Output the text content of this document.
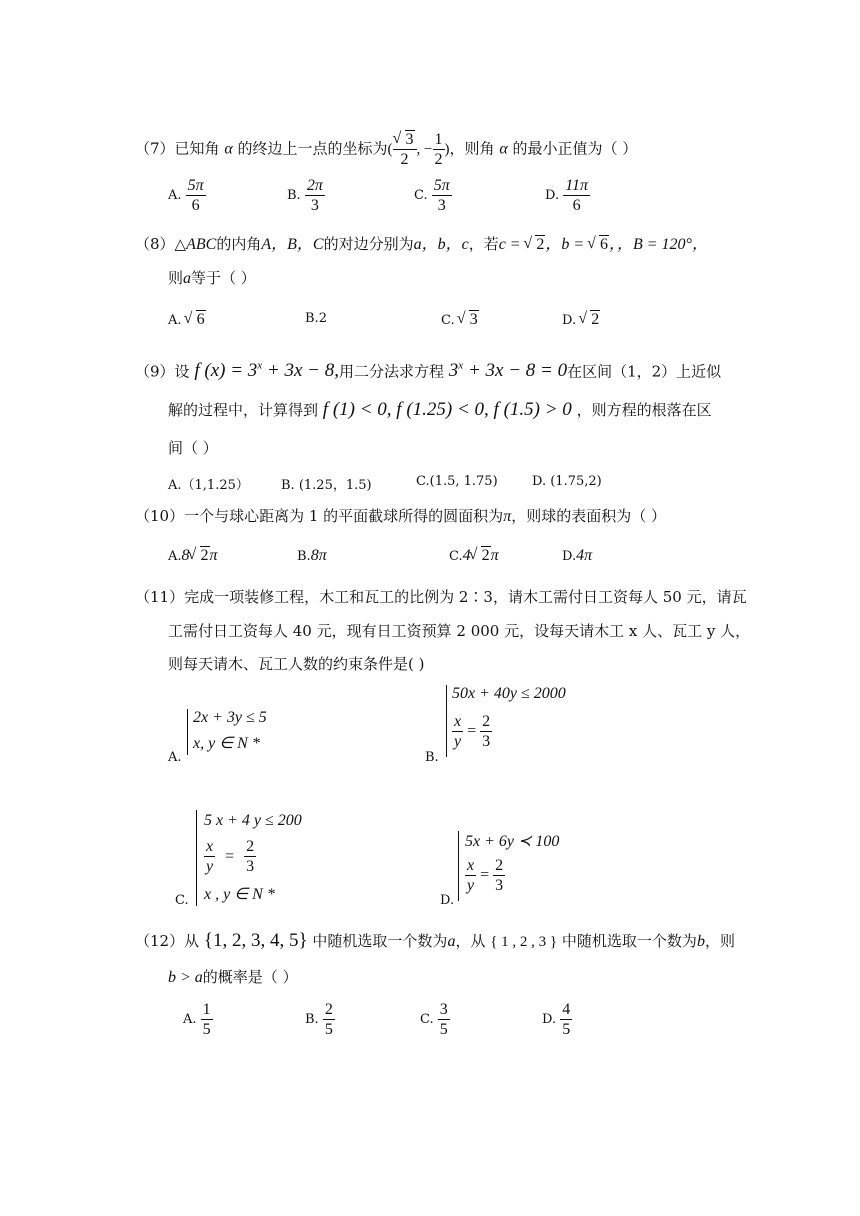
（7）已知角 α 的终边上一点的坐标为( √ $\frac{3}{2}$ , − $\frac{1}{2}$ )，则角 α 的最小正值为（ ）
A. $\frac{5\pi}{6}$	B. $\frac{2\pi}{3}$	C. $\frac{5\pi}{3}$	D. $\frac{11\pi}{6}$
（8）△ABC的内角A，B，C的对边分别为a，b，c，若c = √ 2，b = √ 6，，B = 120°，
则a等于（ ）
A. √ 6	B.2	C. √ 3	D. √ 2
（9）设 f $(x) = 3^x + 3x - 8$,用二分法求方程 $3^x + 3x - 8 = 0$在区间（1，2）上近似
解的过程中，计算得到 f (1) < 0, f (1.25) < 0, f (1.5) > 0 ，则方程的根落在区
间（ ）
A.（1,1.25） B. (1.25，1.5)	C.(1.5, 1.75)	D. (1.75,2)
（10）一个与球心距离为 1 的平面截球所得的圆面积为π，则球的表面积为（ ）
A.8 √ 2π	B.8π	C.4 √ 2π	D.4π
（11）完成一项装修工程，木工和瓦工的比例为 2∶3，请木工需付日工资每人 50 元，请瓦
工需付日工资每人 40 元，现有日工资预算 2 000 元，设每天请木工 x 人、瓦工 y 人，
则每天请木、瓦工人数的约束条件是( )
A.
2x + 3y ≤ 5
x, y ∈ N *
B.
50x + 40y ≤ 2000
$\frac{x}{y} = \frac{2}{3}$
C.
5 x + 4 y ≤ 200
$\frac{x}{y} = \frac{2}{3}$
x , y ∈ N *	D.
5x + 6y ≺ 100
$\frac{x}{y} = \frac{2}{3}$
（12）从 {1, 2, 3, 4, 5} 中随机选取一个数为a，从 { 1 , 2 , 3 } 中随机选取一个数为b，则
b > a的概率是（ ）
A. $\frac{1}{5}$	B. $\frac{2}{5}$	C. $\frac{3}{5}$	D. $\frac{4}{5}$
